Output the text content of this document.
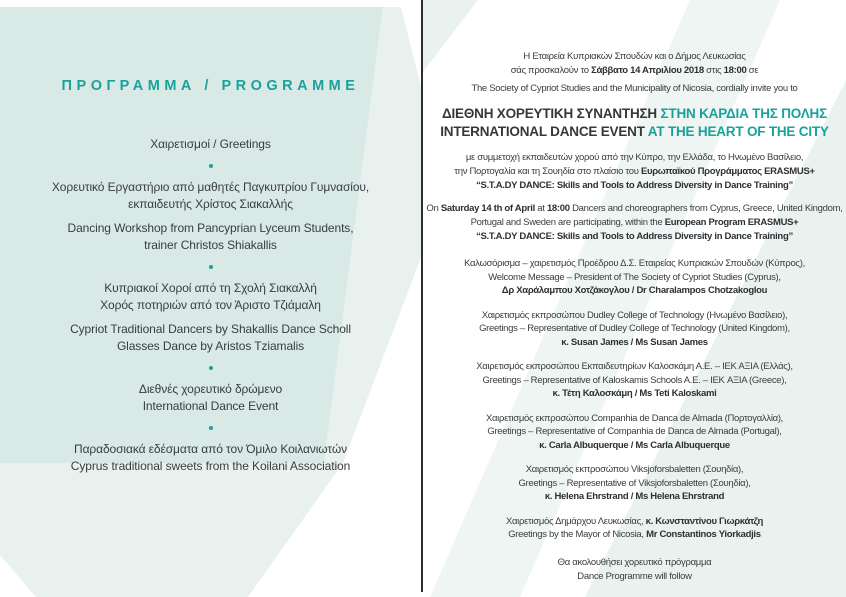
ΠΡΟΓΡΑΜΜΑ / PROGRAMME
Χαιρετισμοί / Greetings
Χορευτικό Εργαστήριο από μαθητές Παγκυπρίου Γυμνασίου,
εκπαιδευτής Χρίστος Σιακαλλής
Dancing Workshop from Pancyprian Lyceum Students,
trainer Christos Shiakallis
Κυπριακοί Χοροί από τη Σχολή Σιακαλλή
Χορός ποτηριών από τον Άριστο Τζιάμαλη
Cypriot Traditional Dancers by Shakallis Dance Scholl
Glasses Dance by Aristos Tziamalis
Διεθνές χορευτικό δρώμενο
International Dance Event
Παραδοσιακά εδέσματα από τον Όμιλο Κοιλανιωτών
Cyprus traditional sweets from the Koilani Association
Η Εταιρεία Κυπριακών Σπουδών και ο Δήμος Λευκωσίας
σάς προσκαλούν το Σάββατο 14 Απριλίου 2018 στις 18:00 σε
The Society of Cypriot Studies and the Municipality of Nicosia, cordially invite you to
ΔΙΕΘΝΗ ΧΟΡΕΥΤΙΚΗ ΣΥΝΑΝΤΗΣΗ ΣΤΗΝ ΚΑΡΔΙΑ ΤΗΣ ΠΟΛΗΣ
INTERNATIONAL DANCE EVENT AT THE HEART OF THE CITY
με συμμετοχή εκπαιδευτών χορού από την Κύπρο, την Ελλάδα, το Ηνωμένο Βασίλειο,
την Πορτογαλία και τη Σουηδία στο πλαίσιο του Ευρωπαϊκού Προγράμματος ERASMUS+
“S.T.A.DY DANCE: Skills and Tools to Address Diversity in Dance Training”
On Saturday 14 th of April at 18:00 Dancers and choreographers from Cyprus, Greece, United Kingdom,
Portugal and Sweden are participating, within the European Program ERASMUS+
“S.T.A.DY DANCE: Skills and Tools to Address Diversity in Dance Training”
Καλωσόρισμα – χαιρετισμός Προέδρου Δ.Σ. Εταιρείας Κυπριακών Σπουδών (Κύπρος),
Welcome Message – President of The Society of Cypriot Studies (Cyprus),
Δρ Χαράλαμπου Χοτζάκογλου / Dr Charalampos Chotzakoglou
Χαιρετισμός εκπροσώπου Dudley College of Technology (Ηνωμένο Βασίλειο),
Greetings – Representative of Dudley College of Technology (United Kingdom),
κ. Susan James / Ms Susan James
Χαιρετισμός εκπροσώπου Εκπαιδευτηρίων Καλοσκάμη Α.Ε. – ΙΕΚ ΑΞΙΑ (Ελλάς),
Greetings – Representative of Kaloskamis Schools A.E. – IEK ΑΞΙΑ (Greece),
κ. Τέτη Καλοσκάμη / Ms Teti Kaloskami
Χαιρετισμός εκπροσώπου Companhia de Danca de Almada (Πορτογαλλία),
Greetings – Representative of Companhia de Danca de Almada (Portugal),
κ. Carla Albuquerque / Ms Carla Albuquerque
Χαιρετισμός εκπροσώπου Viksjoforsbaletten (Σουηδία),
Greetings – Representative of Viksjoforsbaletten (Σουηδία),
κ. Helena Ehrstrand / Ms Helena Ehrstrand
Χαιρετισμός Δημάρχου Λευκωσίας, κ. Κωνσταντίνου Γιωρκάτζη
Greetings by the Mayor of Nicosia, Mr Constantinos Yiorkadjis
Θα ακολουθήσει χορευτικό πρόγραμμα
Dance Programme will follow
